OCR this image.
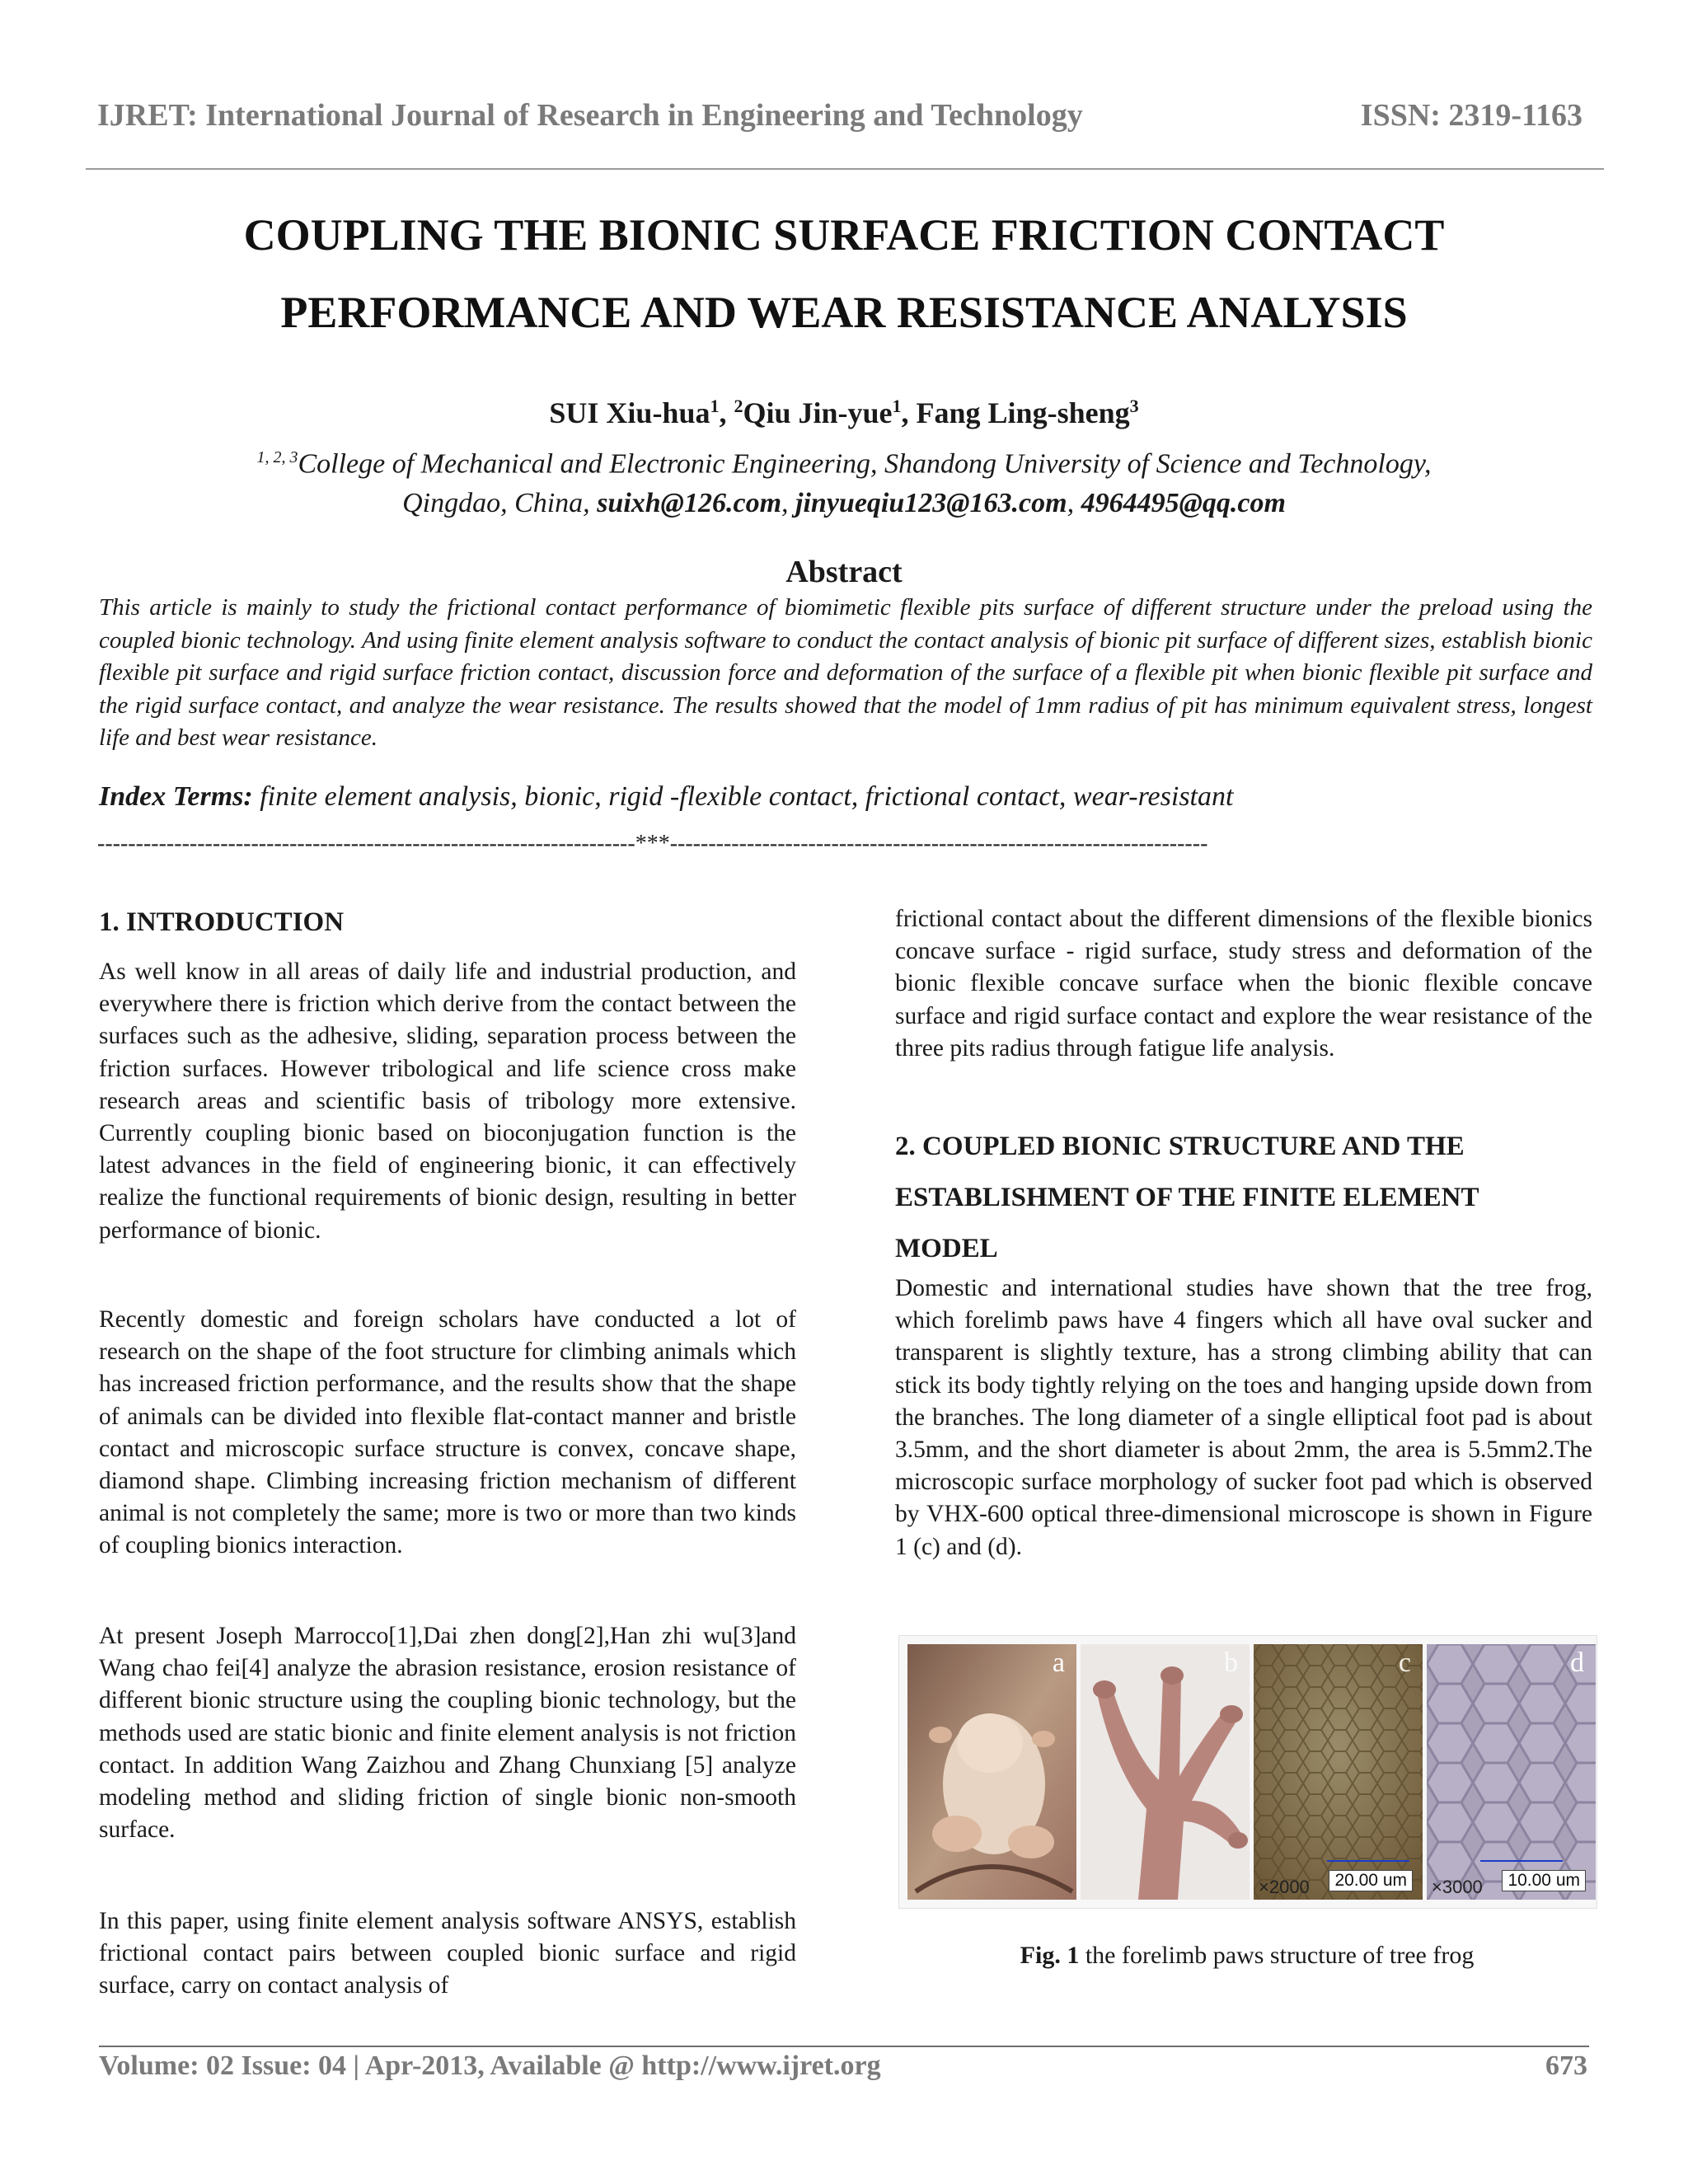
IJRET: International Journal of Research in Engineering and Technology	ISSN: 2319-1163
COUPLING THE BIONIC SURFACE FRICTION CONTACT
PERFORMANCE AND WEAR RESISTANCE ANALYSIS
SUI Xiu-hua$^1$, $^2$Qiu Jin-yue$^1$, Fang Ling-sheng$^3$
$^{1, 2, 3}$College of Mechanical and Electronic Engineering, Shandong University of Science and Technology,
Qingdao, China, suixh@126.com, jinyueqiu123@163.com, 4964495@qq.com
Abstract

This article is mainly to study the frictional contact performance of biomimetic flexible pits surface of different structure under the preload using the coupled bionic technology. And using finite element analysis software to conduct the contact analysis of bionic pit surface of different sizes, establish bionic flexible pit surface and rigid surface friction contact, discussion force and deformation of the surface of a flexible pit when bionic flexible pit surface and the rigid surface contact, and analyze the wear resistance. The results showed that the model of 1mm radius of pit has minimum equivalent stress, longest life and best wear resistance.

Index Terms: finite element analysis, bionic, rigid -flexible contact, frictional contact, wear-resistant
----------------------------------------------------------------------***----------------------------------------------------------------------
1. INTRODUCTION

As well know in all areas of daily life and industrial production, and everywhere there is friction which derive from the contact between the surfaces such as the adhesive, sliding, separation process between the friction surfaces. However tribological and life science cross make research areas and scientific basis of tribology more extensive. Currently coupling bionic based on bioconjugation function is the latest advances in the field of engineering bionic, it can effectively realize the functional requirements of bionic design, resulting in better performance of bionic.

Recently domestic and foreign scholars have conducted a lot of research on the shape of the foot structure for climbing animals which has increased friction performance, and the results show that the shape of animals can be divided into flexible flat-contact manner and bristle contact and microscopic surface structure is convex, concave shape, diamond shape. Climbing increasing friction mechanism of different animal is not completely the same; more is two or more than two kinds of coupling bionics interaction.

At present Joseph Marrocco[1],Dai zhen dong[2],Han zhi wu[3]and Wang chao fei[4] analyze the abrasion resistance, erosion resistance of different bionic structure using the coupling bionic technology, but the methods used are static bionic and finite element analysis is not friction contact. In addition Wang Zaizhou and Zhang Chunxiang [5] analyze modeling method and sliding friction of single bionic non-smooth surface.

In this paper, using finite element analysis software ANSYS, establish frictional contact pairs between coupled bionic surface and rigid surface, carry on contact analysis of

frictional contact about the different dimensions of the flexible bionics concave surface - rigid surface, study stress and deformation of the bionic flexible concave surface when the bionic flexible concave surface and rigid surface contact and explore the wear resistance of the three pits radius through fatigue life analysis.

2. COUPLED BIONIC STRUCTURE AND THE
ESTABLISHMENT OF THE FINITE ELEMENT
MODEL

Domestic and international studies have shown that the tree frog, which forelimb paws have 4 fingers which all have oval sucker and transparent is slightly texture, has a strong climbing ability that can stick its body tightly relying on the toes and hanging upside down from the branches. The long diameter of a single elliptical foot pad is about 3.5mm, and the short diameter is about 2mm, the area is 5.5mm2.The microscopic surface morphology of sucker foot pad which is observed by VHX-600 optical three-dimensional microscope is shown in Figure 1 (c) and (d).

a	b	c
20.00 um
×2000
d
10.00 um
×3000
Fig. 1 the forelimb paws structure of tree frog
Volume: 02 Issue: 04 | Apr-2013, Available @ http://www.ijret.org	673
